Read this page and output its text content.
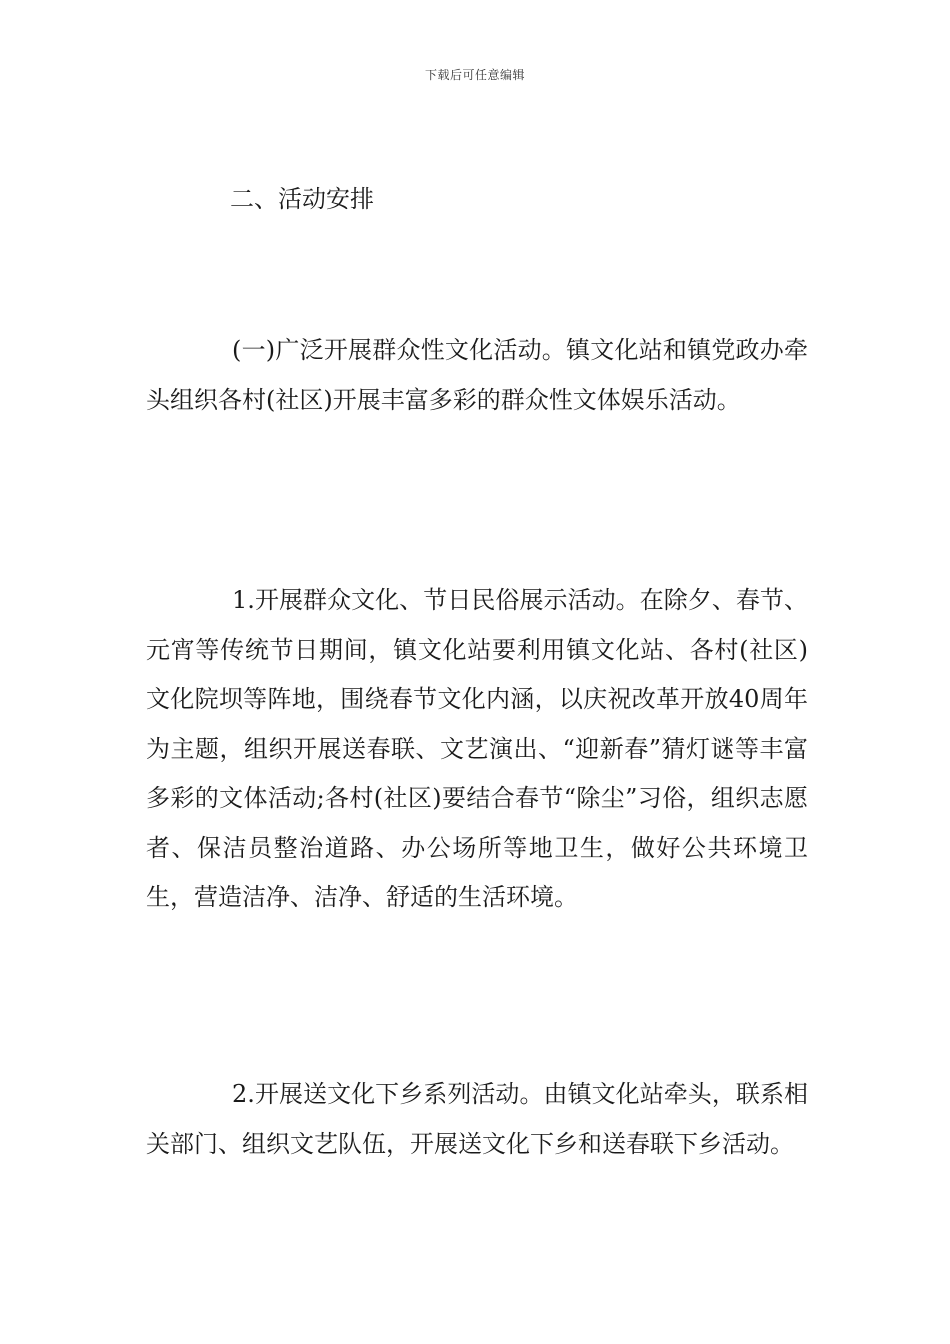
下载后可任意编辑
二、活动安排

(一)广泛开展群众性文化活动。镇文化站和镇党政办牵头组织各村(社区)开展丰富多彩的群众性文体娱乐活动。

1.开展群众文化、节日民俗展示活动。在除夕、春节、元宵等传统节日期间，镇文化站要利用镇文化站、各村(社区)文化院坝等阵地，围绕春节文化内涵，以庆祝改革开放40周年为主题，组织开展送春联、文艺演出、“迎新春”猜灯谜等丰富多彩的文体活动;各村(社区)要结合春节“除尘”习俗，组织志愿者、保洁员整治道路、办公场所等地卫生，做好公共环境卫生，营造洁净、洁净、舒适的生活环境。

2.开展送文化下乡系列活动。由镇文化站牵头，联系相关部门、组织文艺队伍，开展送文化下乡和送春联下乡活动。
